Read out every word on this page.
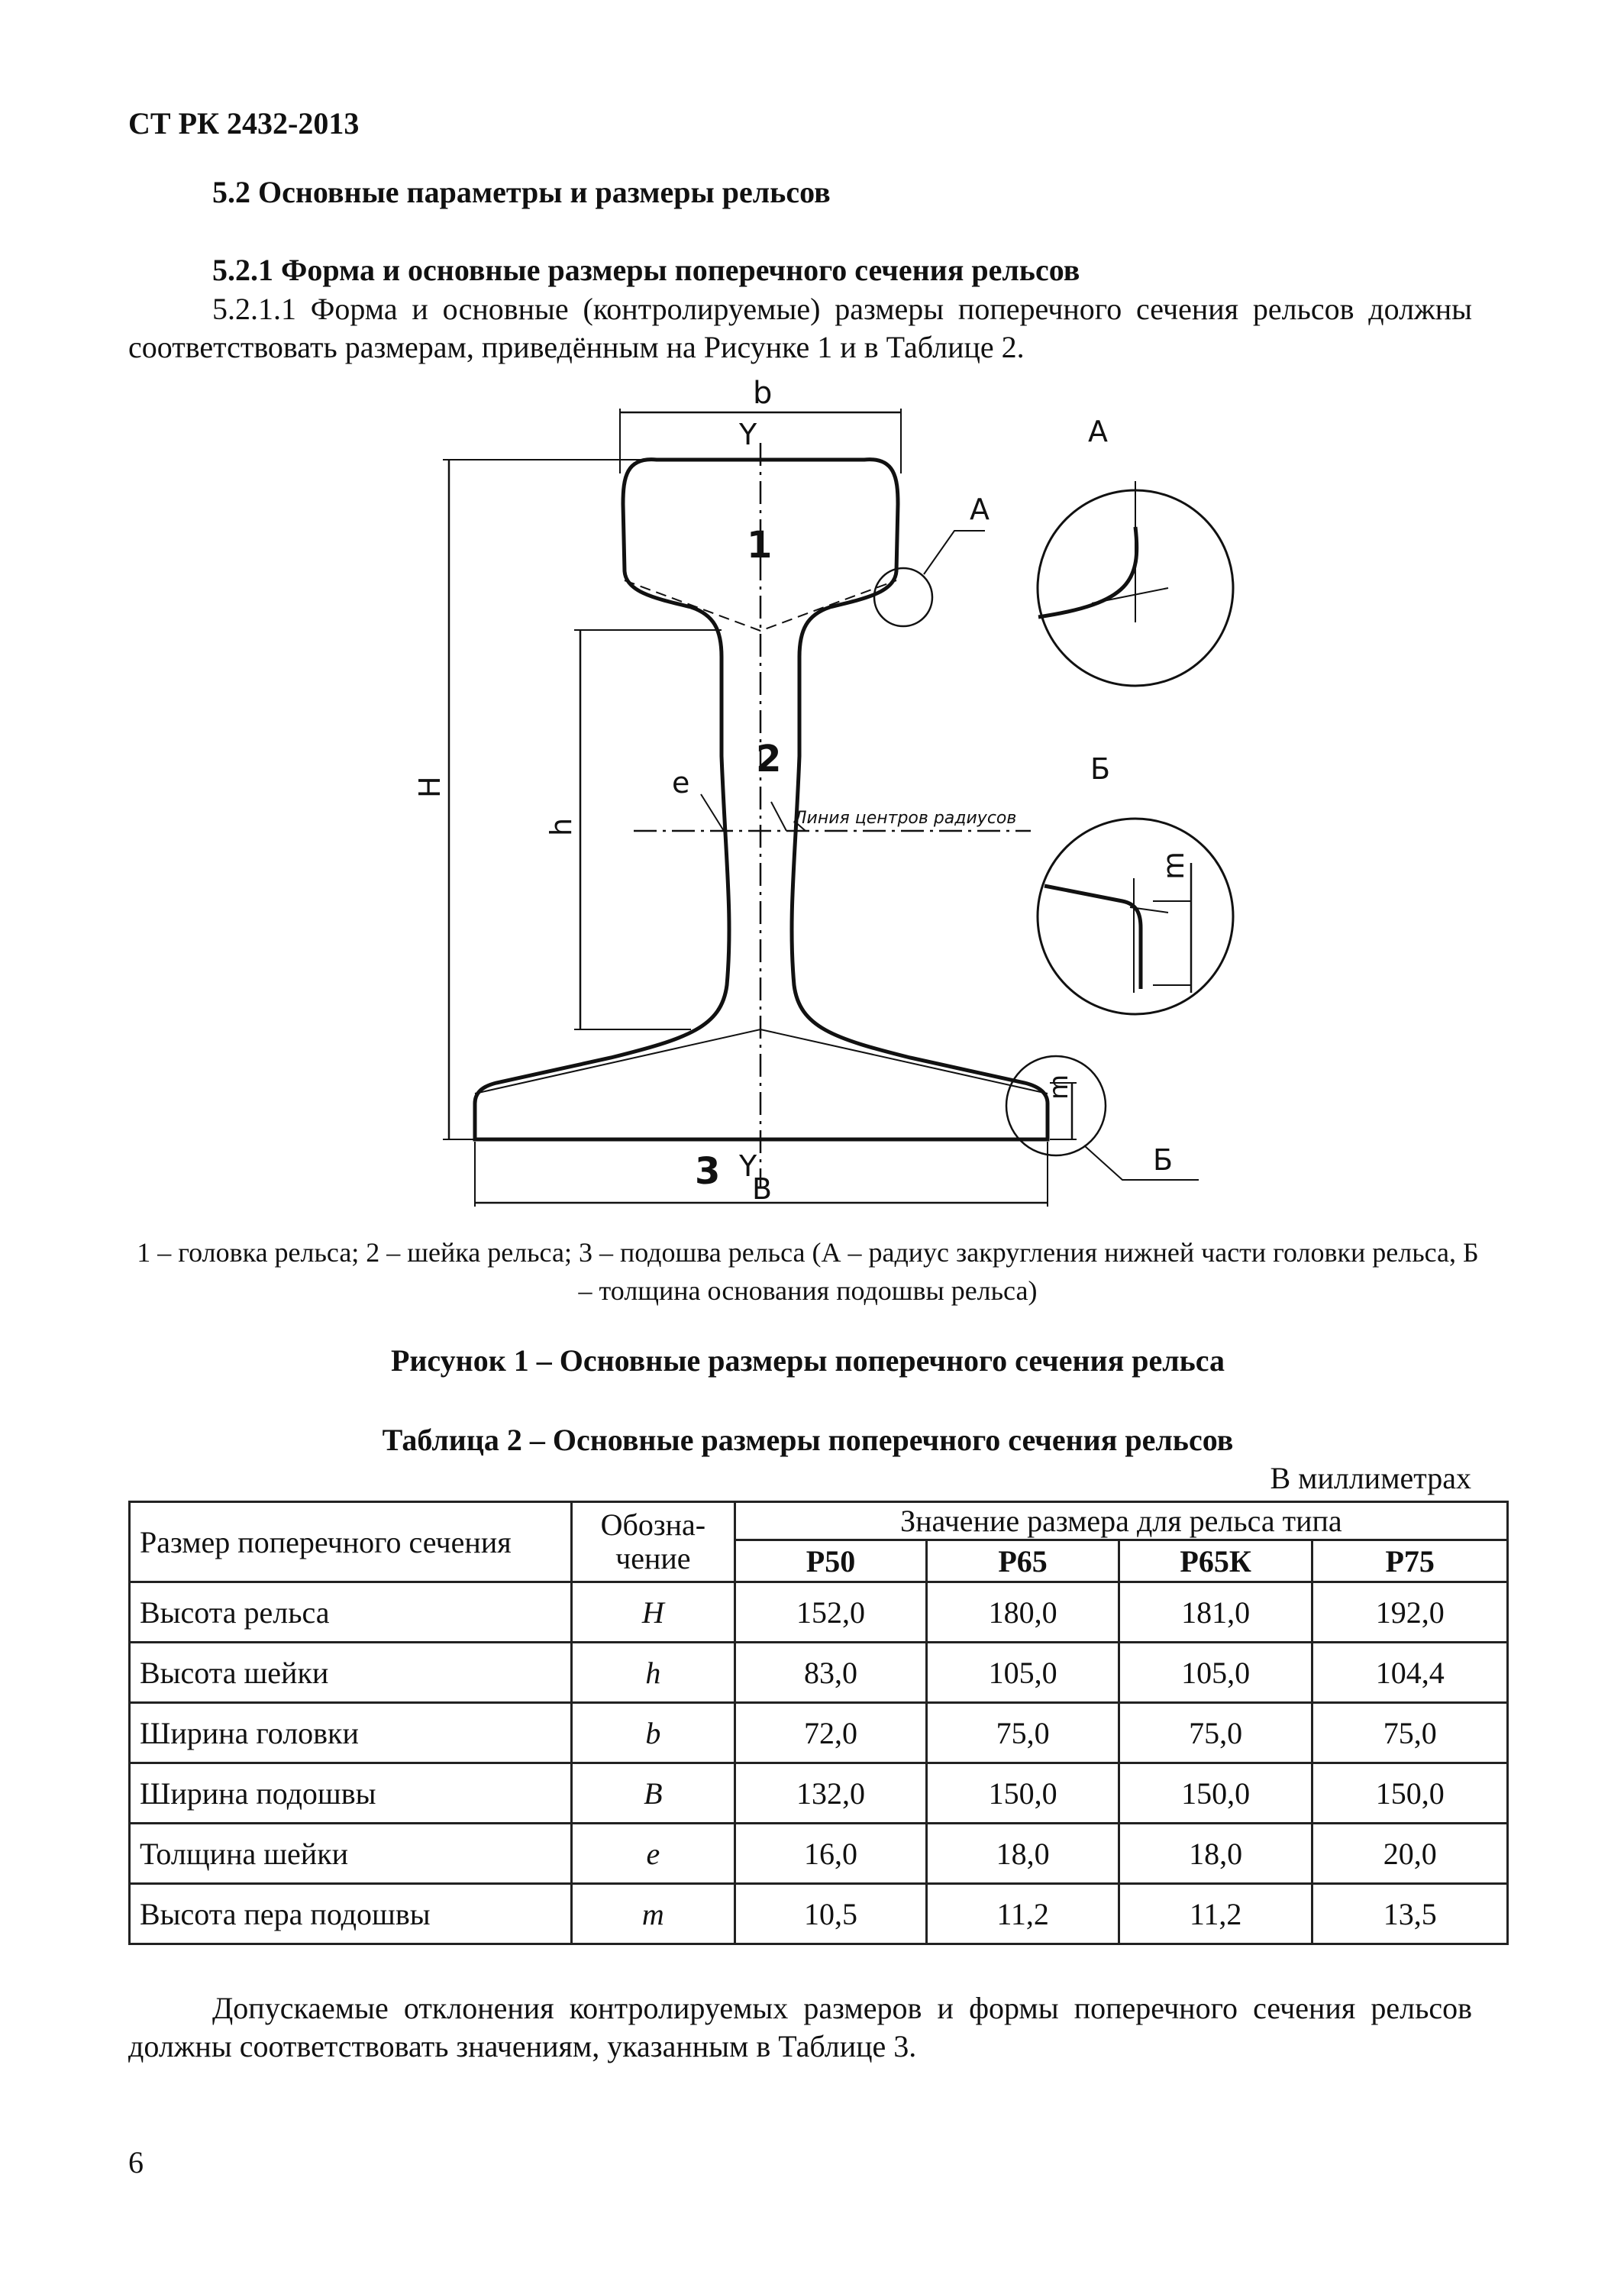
СТ РК 2432-2013
5.2 Основные параметры и размеры рельсов
5.2.1 Форма и основные размеры поперечного сечения рельсов
5.2.1.1 Форма и основные (контролируемые) размеры поперечного сечения рельсов должны соответствовать размерам, приведённым на Рисунке 1 и в Таблице 2.
b
Y
1
2
3 Y
B
e
Линия центров радиусов
A
A
Б
Б
H
h
m
m
1 – головка рельса; 2 – шейка рельса; 3 – подошва рельса (А – радиус закругления нижней части головки рельса, Б – толщина основания подошвы рельса)
Рисунок 1 – Основные размеры поперечного сечения рельса
Таблица 2 – Основные размеры поперечного сечения рельсов
В миллиметрах
Размер поперечного сечения	Обозна-чение	Значение размера для рельса типа			
		Р50	Р65	Р65К	Р75
Высота рельса	H	152,0	180,0	181,0	192,0
Высота шейки	h	83,0	105,0	105,0	104,4
Ширина головки	b	72,0	75,0	75,0	75,0
Ширина подошвы	B	132,0	150,0	150,0	150,0
Толщина шейки	e	16,0	18,0	18,0	20,0
Высота пера подошвы	m	10,5	11,2	11,2	13,5
Допускаемые отклонения контролируемых размеров и формы поперечного сечения рельсов должны соответствовать значениям, указанным в Таблице 3.
6
